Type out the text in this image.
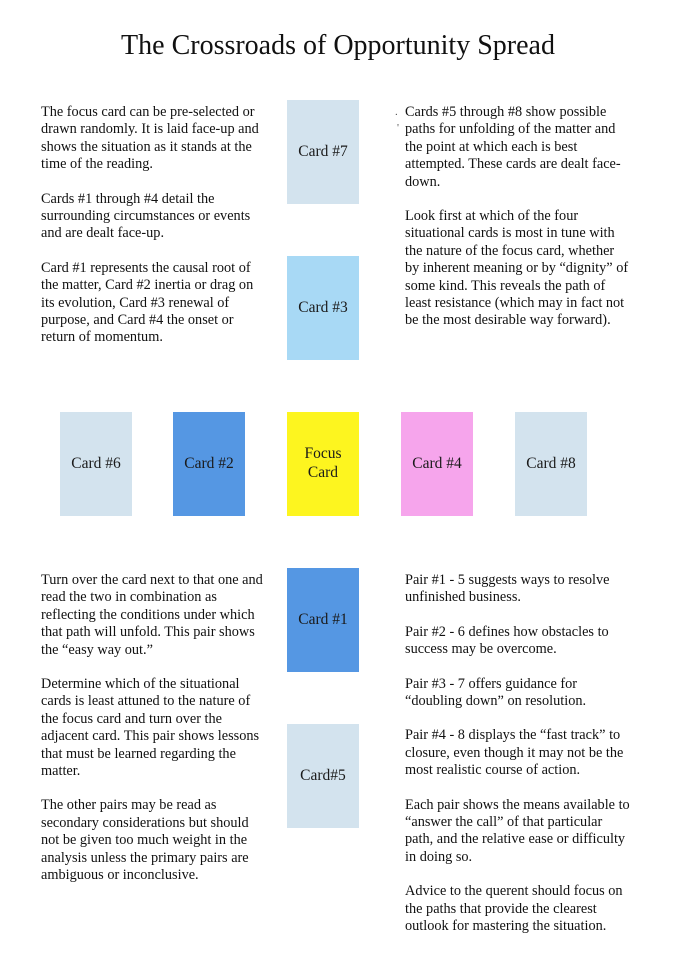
The Crossroads of Opportunity Spread

The focus card can be pre-selected or drawn randomly. It is laid face-up and shows the situation as it stands at the time of the reading.

Cards #1 through #4 detail the surrounding circumstances or events and are dealt face-up.

Card #1 represents the causal root of the matter, Card #2 inertia or drag on its evolution, Card #3 renewal of purpose, and Card #4 the onset or return of momentum.

.
'

Cards #5 through #8 show possible paths for unfolding of the matter and the point at which each is best attempted. These cards are dealt face-down.

Look first at which of the four situational cards is most in tune with the nature of the focus card, whether by inherent meaning or by “dignity” of some kind. This reveals the path of least resistance (which may in fact not be the most desirable way forward).

Card #7
Card #3
Card #6	Card #2
Focus
Card
Card #4	Card #8
Card #1
Card#5

Turn over the card next to that one and read the two in combination as reflecting the conditions under which that path will unfold. This pair shows the “easy way out.”

Determine which of the situational cards is least attuned to the nature of the focus card and turn over the adjacent card. This pair shows lessons that must be learned regarding the matter.

The other pairs may be read as secondary considerations but should not be given too much weight in the analysis unless the primary pairs are ambiguous or inconclusive.

Pair #1 - 5 suggests ways to resolve unfinished business.

Pair #2 - 6 defines how obstacles to success may be overcome.

Pair #3 - 7 offers guidance for “doubling down” on resolution.

Pair #4 - 8 displays the “fast track” to closure, even though it may not be the most realistic course of action.

Each pair shows the means available to “answer the call” of that particular path, and the relative ease or difficulty in doing so.

Advice to the querent should focus on the paths that provide the clearest outlook for mastering the situation.
